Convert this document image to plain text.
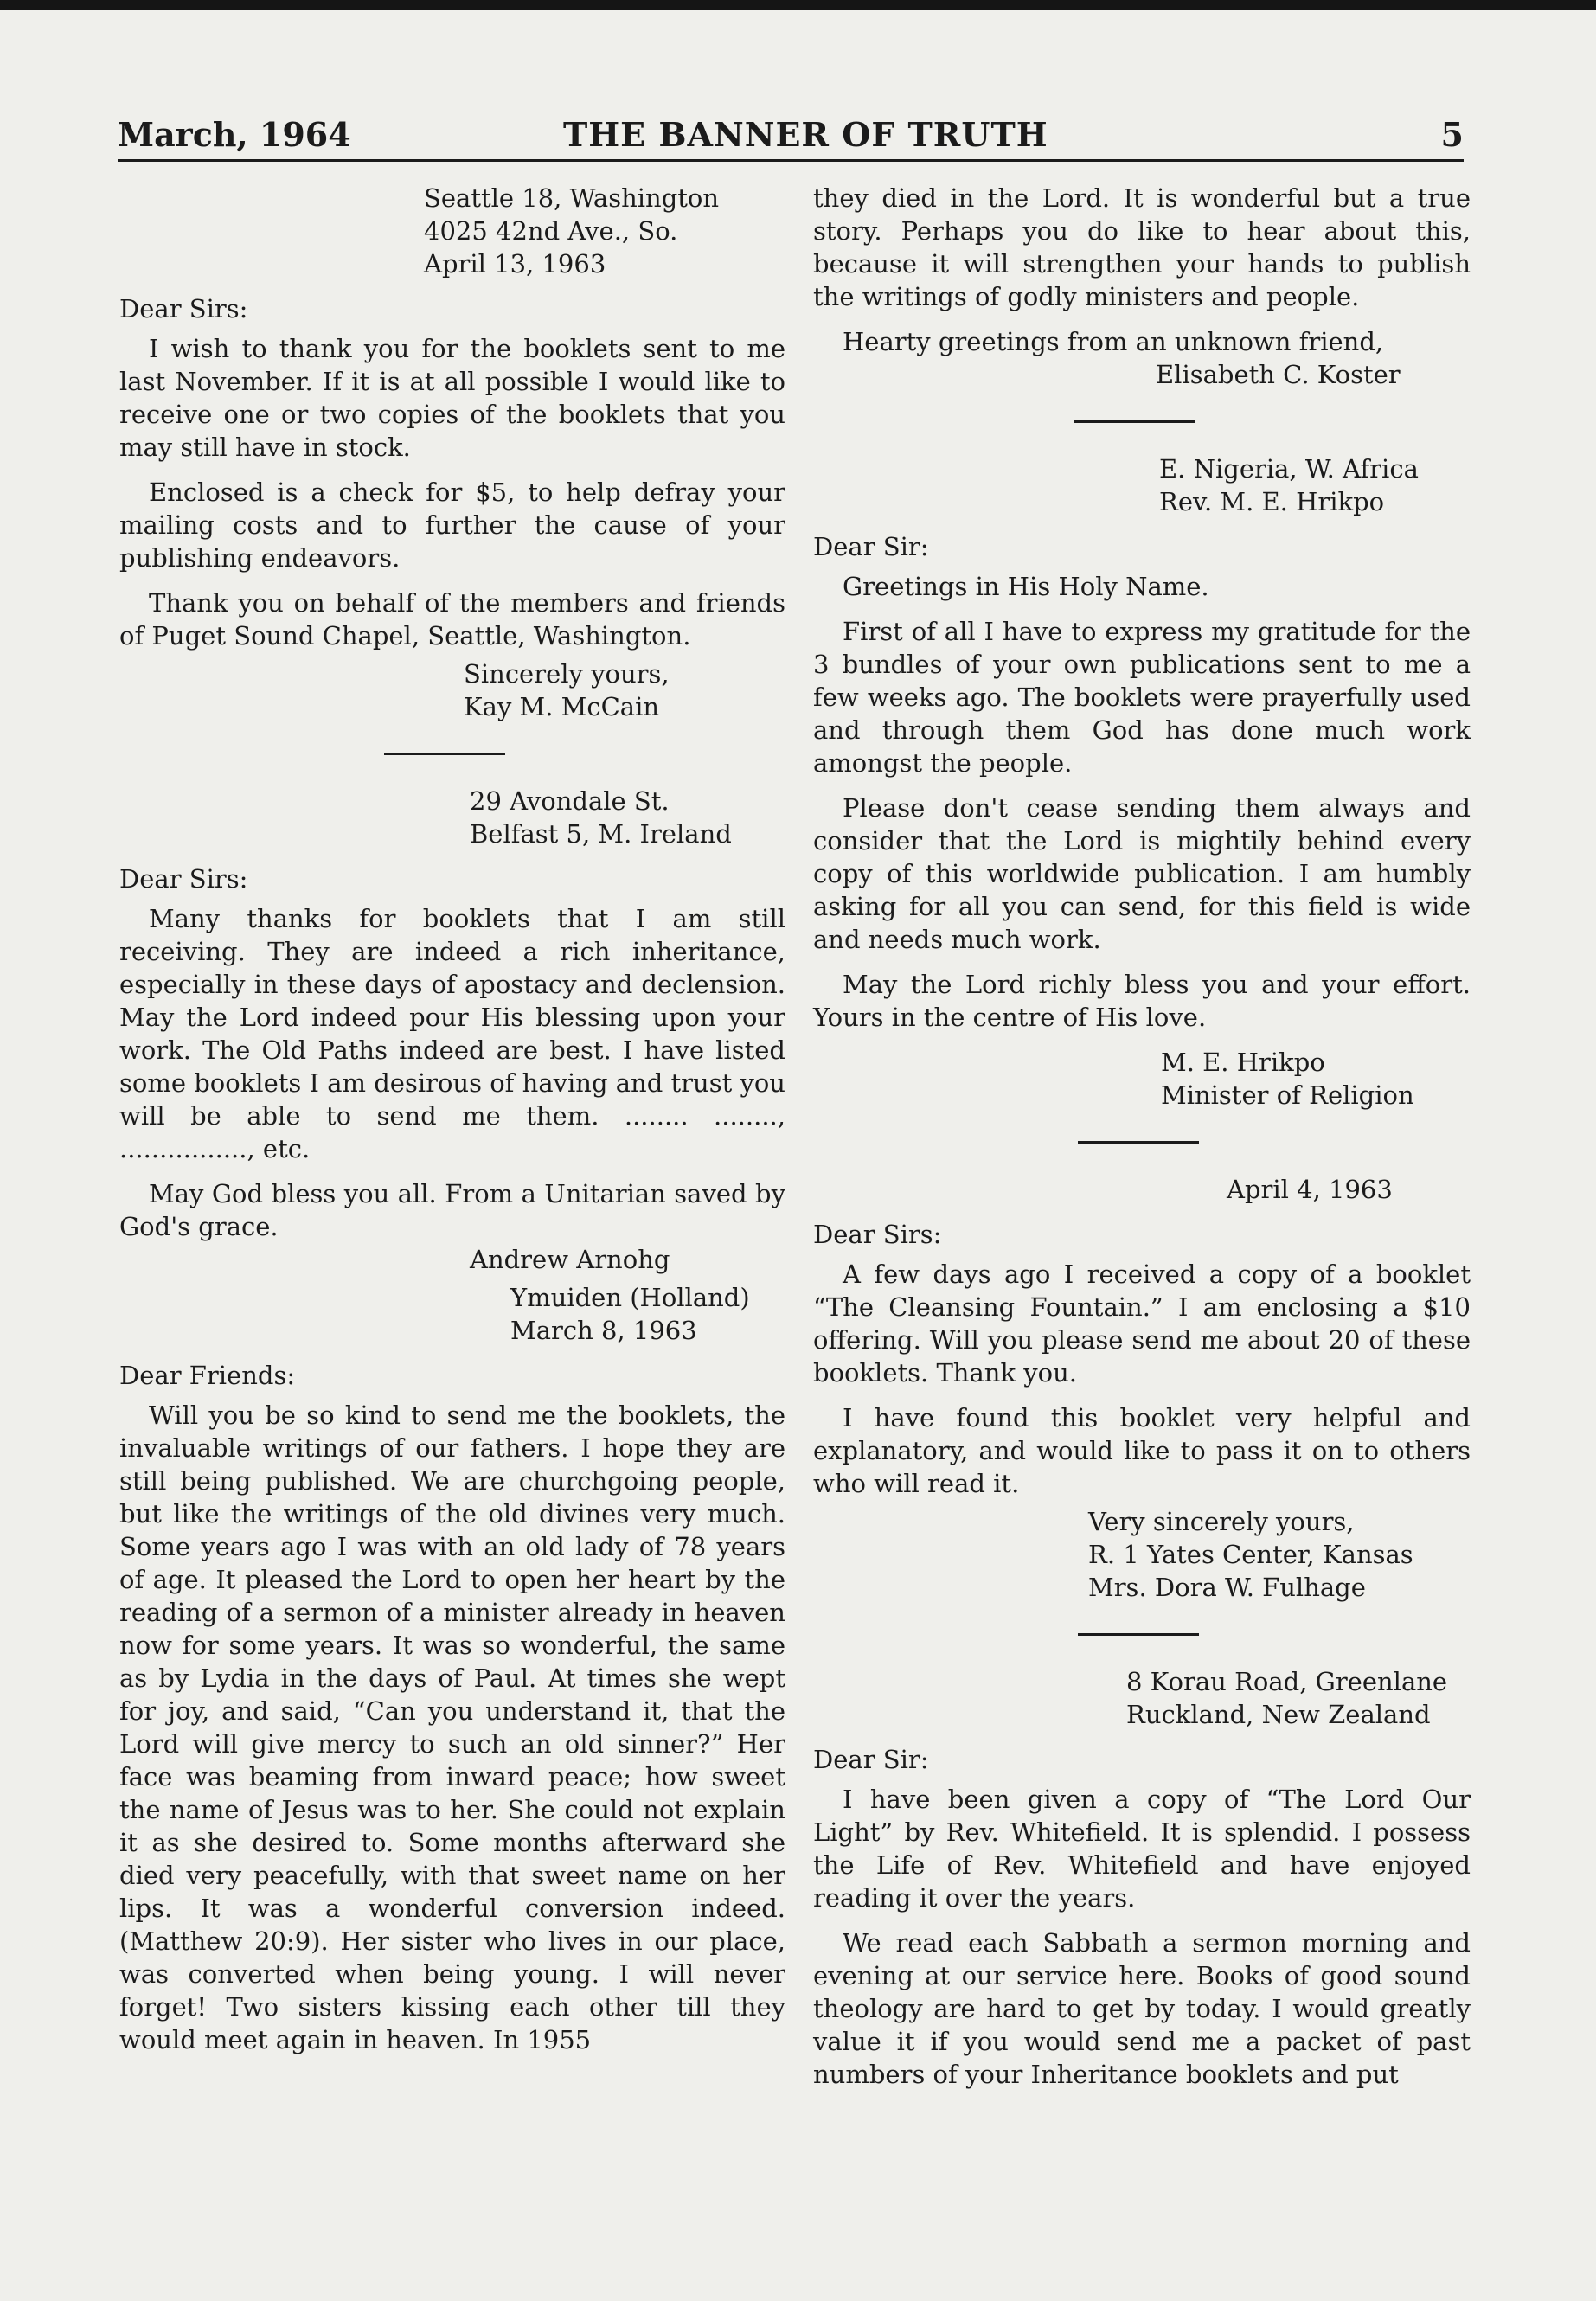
March, 1964	THE BANNER OF TRUTH	5
Seattle 18, Washington
4025 42nd Ave., So.
April 13, 1963
Dear Sirs:

I wish to thank you for the booklets sent to me last November. If it is at all possible I would like to receive one or two copies of the booklets that you may still have in stock.

Enclosed is a check for $5, to help defray your mailing costs and to further the cause of your publishing endeavors.

Thank you on behalf of the members and friends of Puget Sound Chapel, Seattle, Washington.

Sincerely yours,
Kay M. McCain
29 Avondale St.
Belfast 5, M. Ireland
Dear Sirs:

Many thanks for booklets that I am still receiving. They are indeed a rich inheritance, especially in these days of apostacy and declension. May the Lord indeed pour His blessing upon your work. The Old Paths indeed are best. I have listed some booklets I am desirous of having and trust you will be able to send me them. ........ ........, ................, etc.

May God bless you all. From a Unitarian saved by God's grace.

Andrew Arnohg
Ymuiden (Holland)
March 8, 1963
Dear Friends:

Will you be so kind to send me the booklets, the invaluable writings of our fathers. I hope they are still being published. We are churchgoing people, but like the writings of the old divines very much. Some years ago I was with an old lady of 78 years of age. It pleased the Lord to open her heart by the reading of a sermon of a minister already in heaven now for some years. It was so wonderful, the same as by Lydia in the days of Paul. At times she wept for joy, and said, “Can you understand it, that the Lord will give mercy to such an old sinner?” Her face was beaming from inward peace; how sweet the name of Jesus was to her. She could not explain it as she desired to. Some months afterward she died very peacefully, with that sweet name on her lips. It was a wonderful conversion indeed. (Matthew 20:9). Her sister who lives in our place, was converted when being young. I will never forget! Two sisters kissing each other till they would meet again in heaven. In 1955

they died in the Lord. It is wonderful but a true story. Perhaps you do like to hear about this, because it will strengthen your hands to publish the writings of godly ministers and people.

Hearty greetings from an unknown friend,

Elisabeth C. Koster
E. Nigeria, W. Africa
Rev. M. E. Hrikpo
Dear Sir:

Greetings in His Holy Name.

First of all I have to express my gratitude for the 3 bundles of your own publications sent to me a few weeks ago. The booklets were prayerfully used and through them God has done much work amongst the people.

Please don't cease sending them always and consider that the Lord is mightily behind every copy of this worldwide publication. I am humbly asking for all you can send, for this field is wide and needs much work.

May the Lord richly bless you and your effort. Yours in the centre of His love.

M. E. Hrikpo
Minister of Religion
April 4, 1963
Dear Sirs:

A few days ago I received a copy of a booklet “The Cleansing Fountain.” I am enclosing a $10 offering. Will you please send me about 20 of these booklets. Thank you.

I have found this booklet very helpful and explanatory, and would like to pass it on to others who will read it.

Very sincerely yours,
R. 1 Yates Center, Kansas
Mrs. Dora W. Fulhage
8 Korau Road, Greenlane
Ruckland, New Zealand
Dear Sir:

I have been given a copy of “The Lord Our Light” by Rev. Whitefield. It is splendid. I possess the Life of Rev. Whitefield and have enjoyed reading it over the years.

We read each Sabbath a sermon morning and evening at our service here. Books of good sound theology are hard to get by today. I would greatly value it if you would send me a packet of past numbers of your Inheritance booklets and put
